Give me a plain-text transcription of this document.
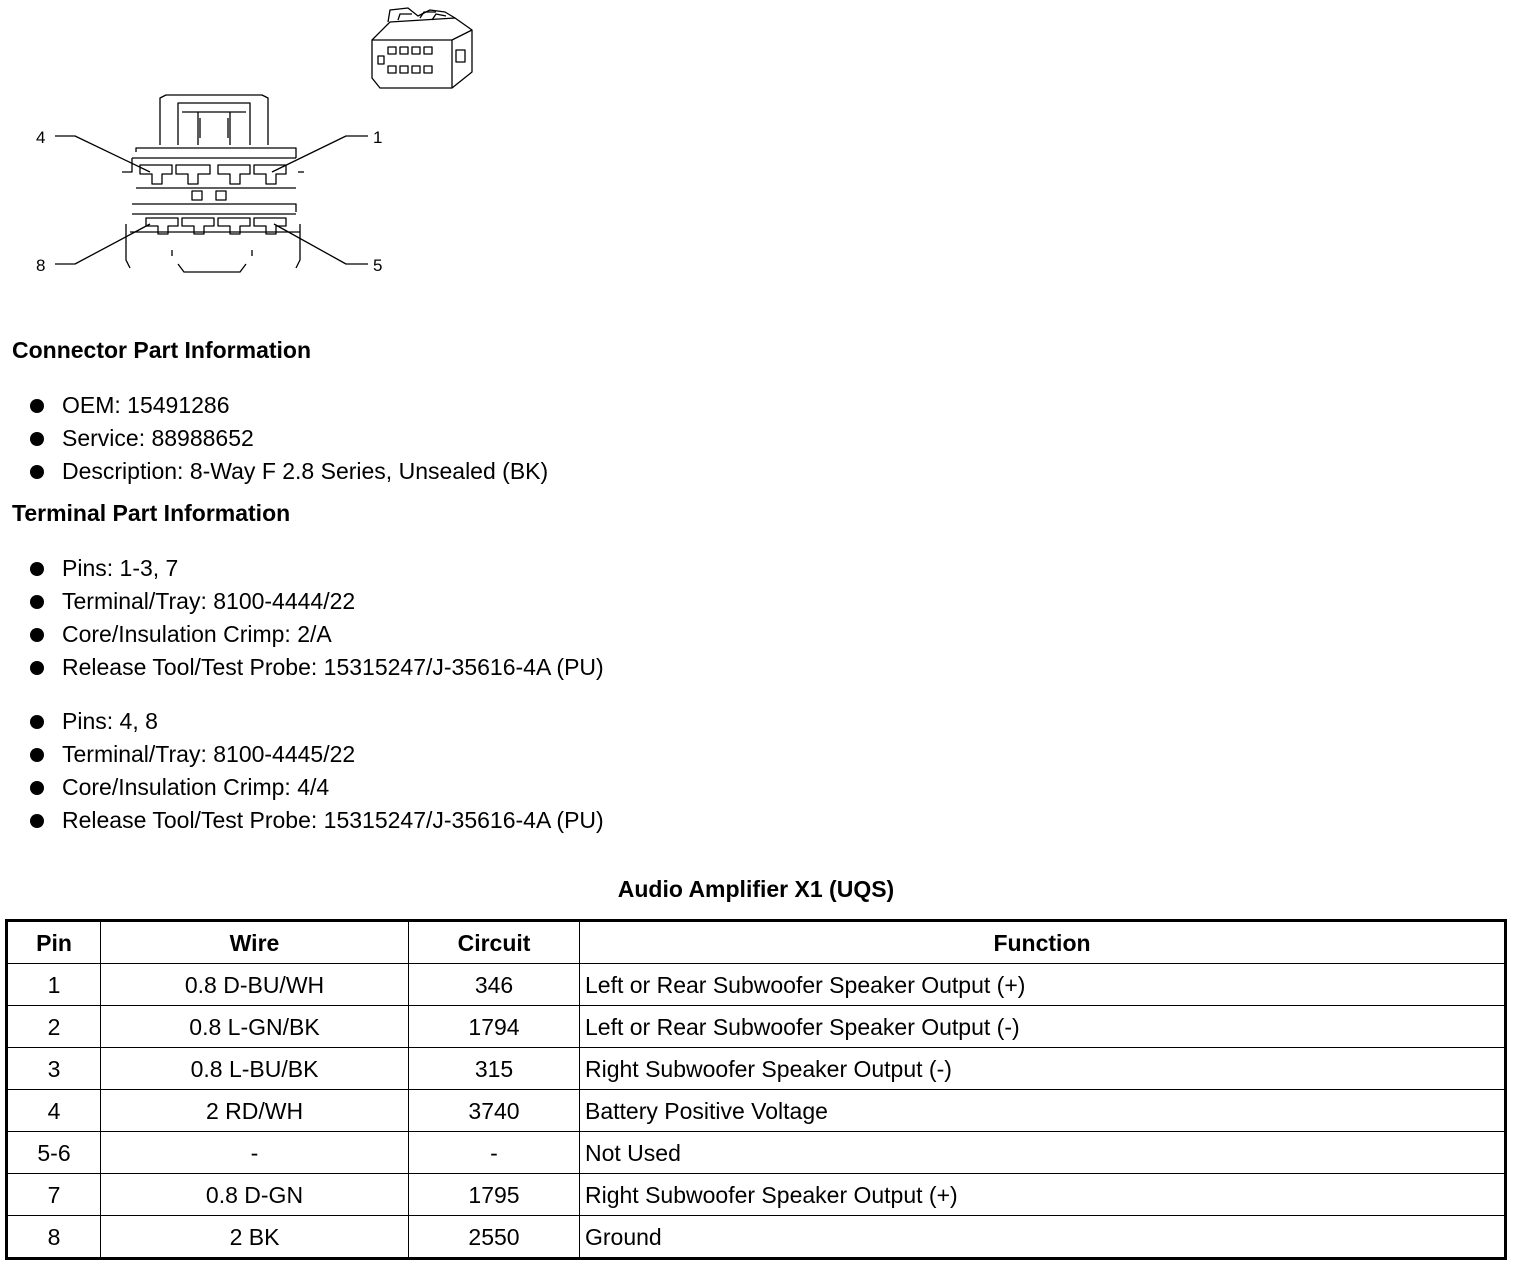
4	1
8	5
Connector Part Information
OEM: 15491286
Service: 88988652
Description: 8-Way F 2.8 Series, Unsealed (BK)
Terminal Part Information
Pins: 1-3, 7
Terminal/Tray: 8100-4444/22
Core/Insulation Crimp: 2/A
Release Tool/Test Probe: 15315247/J-35616-4A (PU)
Pins: 4, 8
Terminal/Tray: 8100-4445/22
Core/Insulation Crimp: 4/4
Release Tool/Test Probe: 15315247/J-35616-4A (PU)
Audio Amplifier X1 (UQS)
Pin	Wire	Circuit	Function
1	0.8 D-BU/WH	346	Left or Rear Subwoofer Speaker Output (+)
2	0.8 L-GN/BK	1794	Left or Rear Subwoofer Speaker Output (-)
3	0.8 L-BU/BK	315	Right Subwoofer Speaker Output (-)
4	2 RD/WH	3740	Battery Positive Voltage
5-6	-	-	Not Used
7	0.8 D-GN	1795	Right Subwoofer Speaker Output (+)
8	2 BK	2550	Ground
